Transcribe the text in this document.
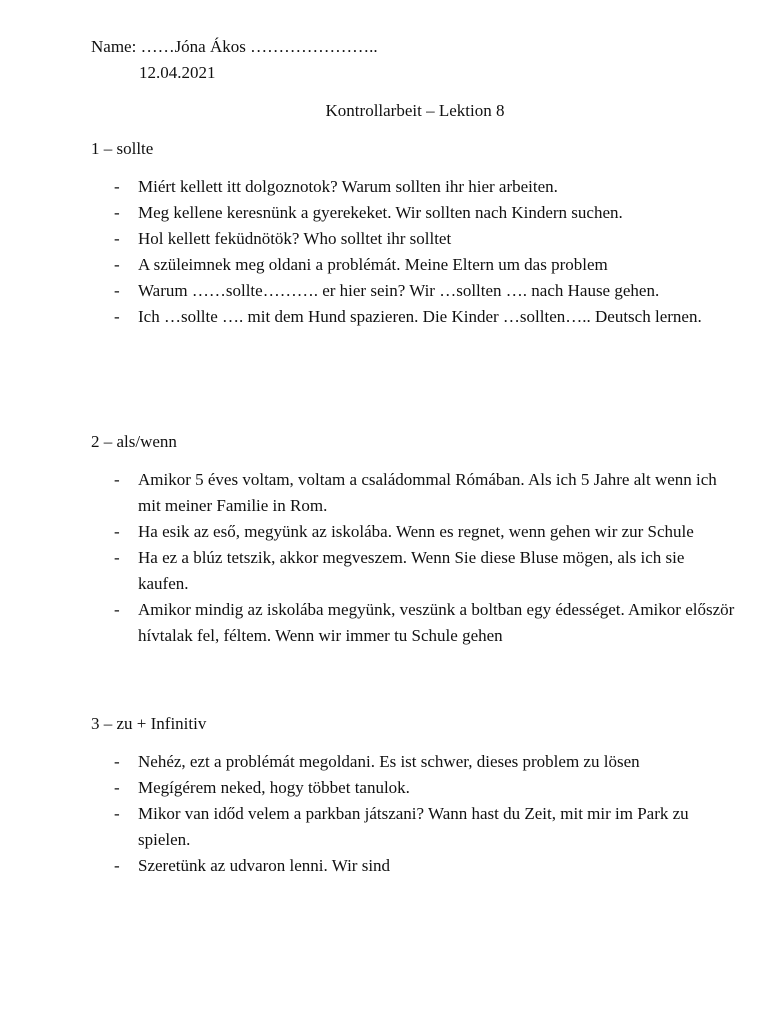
Name: ……Jóna Ákos …………………..
12.04.2021
Kontrollarbeit – Lektion 8
1 – sollte
- Miért kellett itt dolgoznotok? Warum sollten ihr hier arbeiten.
- Meg kellene keresnünk a gyerekeket. Wir sollten nach Kindern suchen.
- Hol kellett feküdnötök? Who solltet ihr solltet
- A szüleimnek meg oldani a problémát. Meine Eltern um das problem
- Warum ……sollte………. er hier sein? Wir …sollten …. nach Hause gehen.
- Ich …sollte …. mit dem Hund spazieren. Die Kinder …sollten….. Deutsch lernen.
2 – als/wenn
- Amikor 5 éves voltam, voltam a családommal Rómában. Als ich 5 Jahre alt wenn ich mit meiner Familie in Rom.
- Ha esik az eső, megyünk az iskolába. Wenn es regnet, wenn gehen wir zur Schule
- Ha ez a blúz tetszik, akkor megveszem. Wenn Sie diese Bluse mögen, als ich sie kaufen.
- Amikor mindig az iskolába megyünk, veszünk a boltban egy édességet. Amikor először hívtalak fel, féltem. Wenn wir immer tu Schule gehen
3 – zu + Infinitiv
- Nehéz, ezt a problémát megoldani. Es ist schwer, dieses problem zu lösen
- Megígérem neked, hogy többet tanulok.
- Mikor van időd velem a parkban játszani? Wann hast du Zeit, mit mir im Park zu spielen.
- Szeretünk az udvaron lenni. Wir sind
